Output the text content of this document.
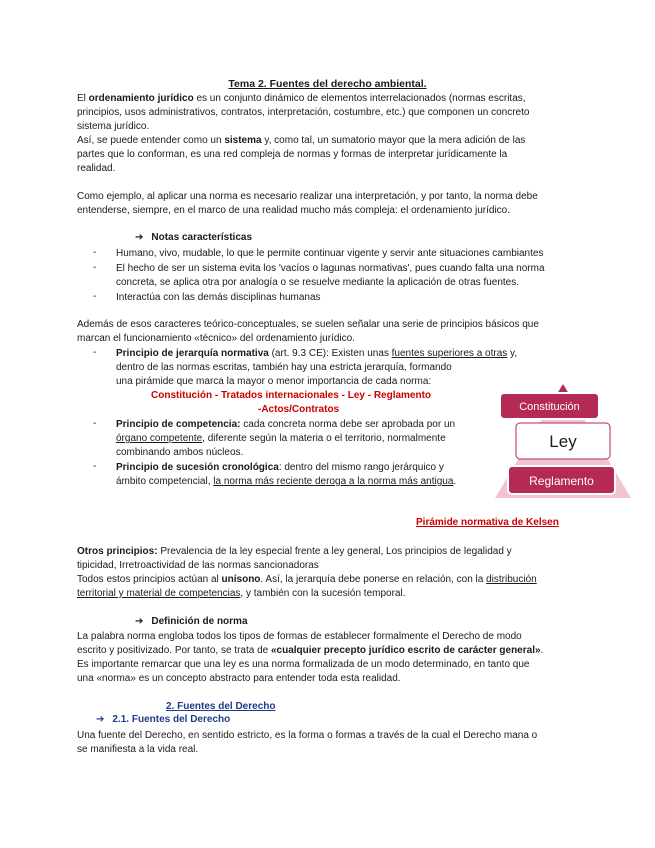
Tema 2. Fuentes del derecho ambiental.
El ordenamiento jurídico es un conjunto dinámico de elementos interrelacionados (normas escritas,
principios, usos administrativos, contratos, interpretación, costumbre, etc.) que componen un concreto
sistema jurídico.
Así, se puede entender como un sistema y, como tal, un sumatorio mayor que la mera adición de las
partes que lo conforman, es una red compleja de normas y formas de interpretar jurídicamente la
realidad.
Como ejemplo, al aplicar una norma es necesario realizar una interpretación, y por tanto, la norma debe
entenderse, siempre, en el marco de una realidad mucho más compleja: el ordenamiento jurídico.
➔ Notas características
- Humano, vivo, mudable, lo que le permite continuar vigente y servir ante situaciones cambiantes
- El hecho de ser un sistema evita los 'vacíos o lagunas normativas', pues cuando falta una norma
concreta, se aplica otra por analogía o se resuelve mediante la aplicación de otras fuentes.
- Interactúa con las demás disciplinas humanas
Además de esos caracteres teórico-conceptuales, se suelen señalar una serie de principios básicos que
marcan el funcionamiento «técnico» del ordenamiento jurídico.
- Principio de jerarquía normativa (art. 9.3 CE): Existen unas fuentes superiores a otras y,
dentro de las normas escritas, también hay una estricta jerarquía, formando
una pirámide que marca la mayor o menor importancia de cada norma:
Constitución - Tratados internacionales - Ley - Reglamento
-Actos/Contratos
- Principio de competencia: cada concreta norma debe ser aprobada por un
órgano competente, diferente según la materia o el territorio, normalmente
combinando ambos núcleos.
- Principio de sucesión cronológica: dentro del mismo rango jerárquico y
ámbito competencial, la norma más reciente deroga a la norma más antigua.
Constitución
Ley
Reglamento
Pirámide normativa de Kelsen
Otros principios: Prevalencia de la ley especial frente a ley general, Los principios de legalidad y
tipicidad, Irretroactividad de las normas sancionadoras
Todos estos principios actúan al unísono. Así, la jerarquía debe ponerse en relación, con la distribución
territorial y material de competencias, y también con la sucesión temporal.
➔ Definición de norma
La palabra norma engloba todos los tipos de formas de establecer formalmente el Derecho de modo
escrito y positivizado. Por tanto, se trata de «cualquier precepto jurídico escrito de carácter general».
Es importante remarcar que una ley es una norma formalizada de un modo determinado, en tanto que
una «norma» es un concepto abstracto para entender toda esta realidad.
2. Fuentes del Derecho
➔ 2.1. Fuentes del Derecho
Una fuente del Derecho, en sentido estricto, es la forma o formas a través de la cual el Derecho mana o
se manifiesta a la vida real.
